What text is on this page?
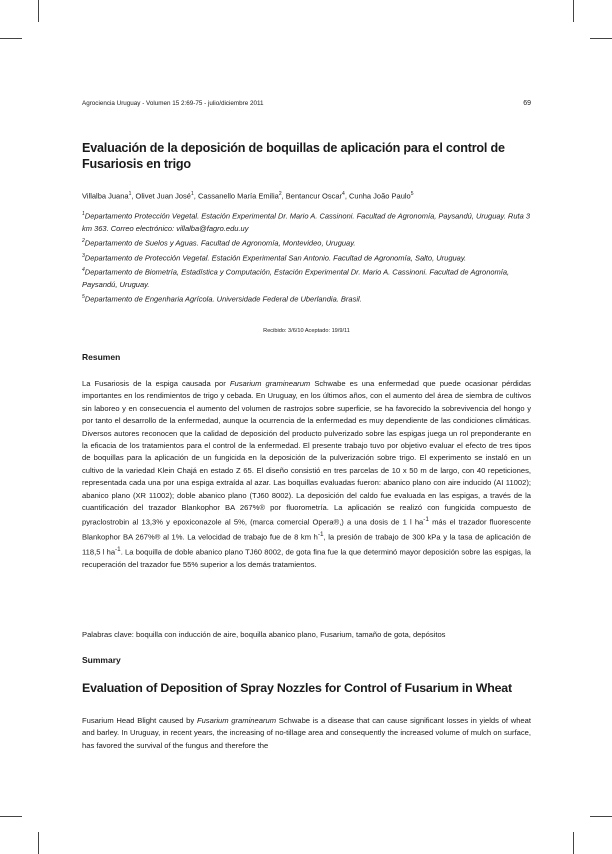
Agrociencia Uruguay - Volumen 15 2:69-75 - julio/diciembre 2011	69
Evaluación de la deposición de boquillas de aplicación para el control de Fusariosis en trigo
Villalba Juana$^1$, Olivet Juan José$^1$, Cassanello María Emilia$^2$, Bentancur Oscar$^4$, Cunha João Paulo$^5$
$^1$Departamento Protección Vegetal. Estación Experimental Dr. Mario A. Cassinoni. Facultad de Agronomía, Paysandú, Uruguay. Ruta 3 km 363. Correo electrónico: villalba@fagro.edu.uy
$^2$Departamento de Suelos y Aguas. Facultad de Agronomía, Montevideo, Uruguay.
$^3$Departamento de Protección Vegetal. Estación Experimental San Antonio. Facultad de Agronomía, Salto, Uruguay.
$^4$Departamento de Biometría, Estadística y Computación, Estación Experimental Dr. Mario A. Cassinoni. Facultad de Agronomía, Paysandú, Uruguay.
$^5$Departamento de Engenharia Agrícola. Universidade Federal de Uberlandia. Brasil.
Recibido: 3/6/10 Aceptado: 19/9/11
Resumen

La Fusariosis de la espiga causada por Fusarium graminearum Schwabe es una enfermedad que puede ocasionar pérdidas importantes en los rendimientos de trigo y cebada. En Uruguay, en los últimos años, con el aumento del área de siembra de cultivos sin laboreo y en consecuencia el aumento del volumen de rastrojos sobre superficie, se ha favorecido la sobrevivencia del hongo y por tanto el desarrollo de la enfermedad, aunque la ocurrencia de la enfermedad es muy dependiente de las condiciones climáticas. Diversos autores reconocen que la calidad de deposición del producto pulverizado sobre las espigas juega un rol preponderante en la eficacia de los tratamientos para el control de la enfermedad. El presente trabajo tuvo por objetivo evaluar el efecto de tres tipos de boquillas para la aplicación de un fungicida en la deposición de la pulverización sobre trigo. El experimento se instaló en un cultivo de la variedad Klein Chajá en estado Z 65. El diseño consistió en tres parcelas de 10 x 50 m de largo, con 40 repeticiones, representada cada una por una espiga extraída al azar. Las boquillas evaluadas fueron: abanico plano con aire inducido (AI 11002); abanico plano (XR 11002); doble abanico plano (TJ60 8002). La deposición del caldo fue evaluada en las espigas, a través de la cuantificación del trazador Blankophor BA 267%® por fluorometría. La aplicación se realizó con fungicida compuesto de pyraclostrobin al 13,3% y epoxiconazole al 5%, (marca comercial Opera®,) a una dosis de 1 l $ha^{-1}$ más el trazador fluorescente Blankophor BA 267%® al 1%. La velocidad de trabajo fue de 8 km $h^{-1}$, la presión de trabajo de 300 kPa y la tasa de aplicación de 118,5 l $ha^{-1}$. La boquilla de doble abanico plano TJ60 8002, de gota fina fue la que determinó mayor deposición sobre las espigas, la recuperación del trazador fue 55% superior a los demás tratamientos.

Palabras clave: boquilla con inducción de aire, boquilla abanico plano, Fusarium, tamaño de gota, depósitos

Summary
Evaluation of Deposition of Spray Nozzles for Control of Fusarium in Wheat

Fusarium Head Blight caused by Fusarium graminearum Schwabe is a disease that can cause significant losses in yields of wheat and barley. In Uruguay, in recent years, the increasing of no-tillage area and consequently the increased volume of mulch on surface, has favored the survival of the fungus and therefore the
